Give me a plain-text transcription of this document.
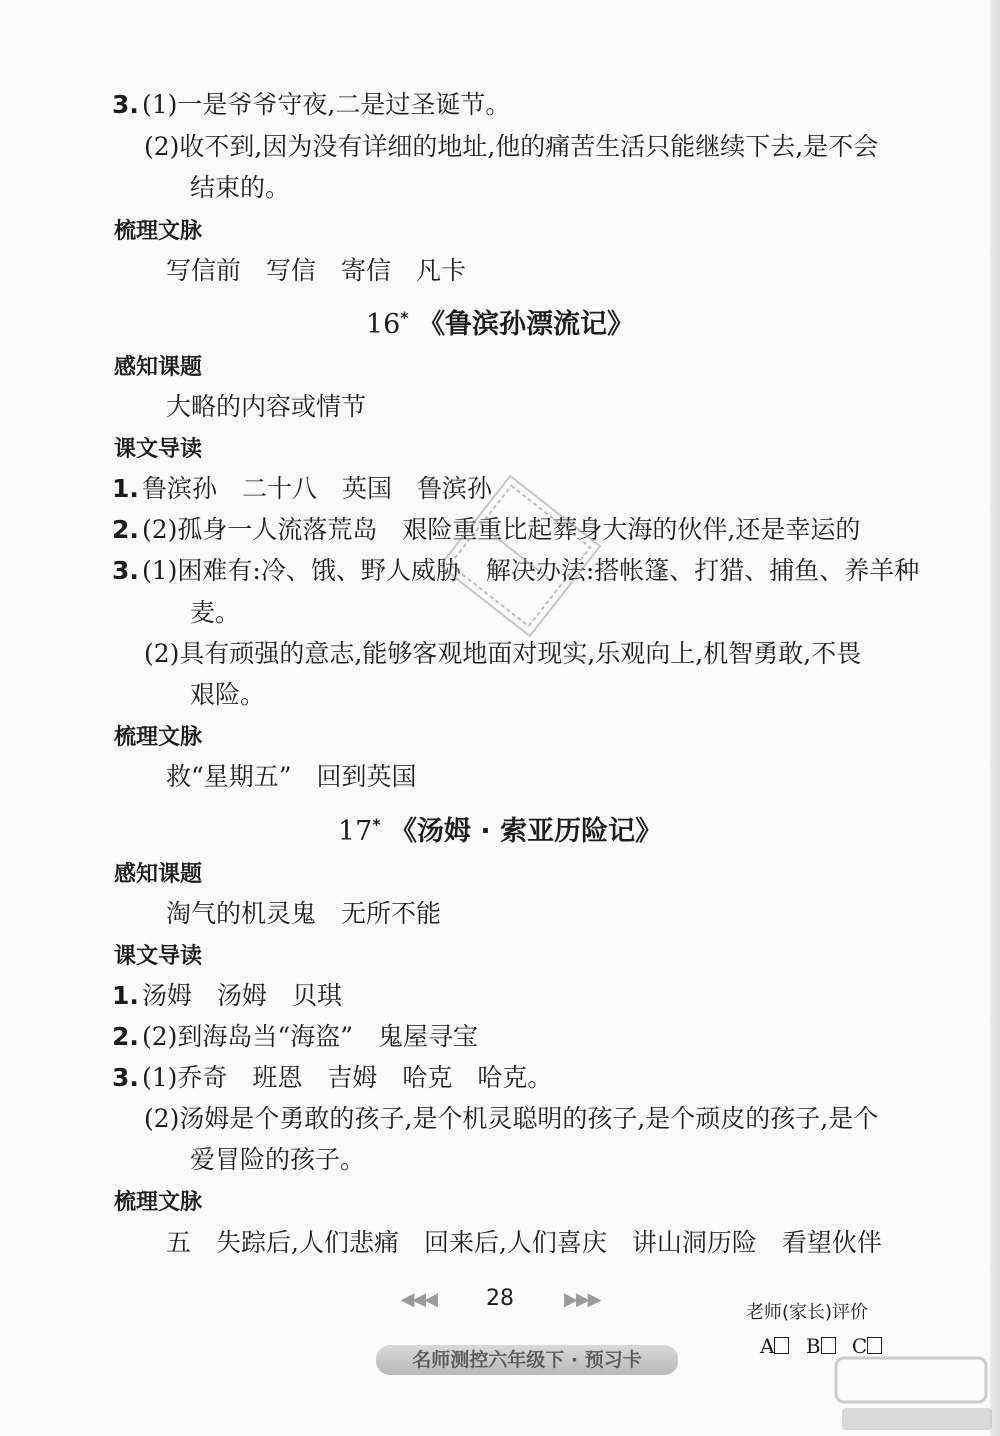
3. (1)一是爷爷守夜,二是过圣诞节。
(2)收不到,因为没有详细的地址,他的痛苦生活只能继续下去,是不会
结束的。
梳理文脉
写信前　写信　寄信　凡卡
16* 《鲁滨孙漂流记》
感知课题
大略的内容或情节
课文导读
1. 鲁滨孙　二十八　英国　鲁滨孙
2. (2)孤身一人流落荒岛　艰险重重比起葬身大海的伙伴,还是幸运的
3. (1)困难有:冷、饿、野人威胁　解决办法:搭帐篷、打猎、捕鱼、养羊种
麦。
(2)具有顽强的意志,能够客观地面对现实,乐观向上,机智勇敢,不畏
艰险。
梳理文脉
救“星期五”　回到英国
17* 《汤姆 · 索亚历险记》
感知课题
淘气的机灵鬼　无所不能
课文导读
1. 汤姆　汤姆　贝琪
2. (2)到海岛当“海盗”　鬼屋寻宝
3. (1)乔奇　班恩　吉姆　哈克　哈克。
(2)汤姆是个勇敢的孩子,是个机灵聪明的孩子,是个顽皮的孩子,是个
爱冒险的孩子。
梳理文脉
五　失踪后,人们悲痛　回来后,人们喜庆　讲山洞历险　看望伙伴
◀◀◀ 28	▶▶▶
老师(家长)评价
A B C
名师测控六年级下 · 预习卡
